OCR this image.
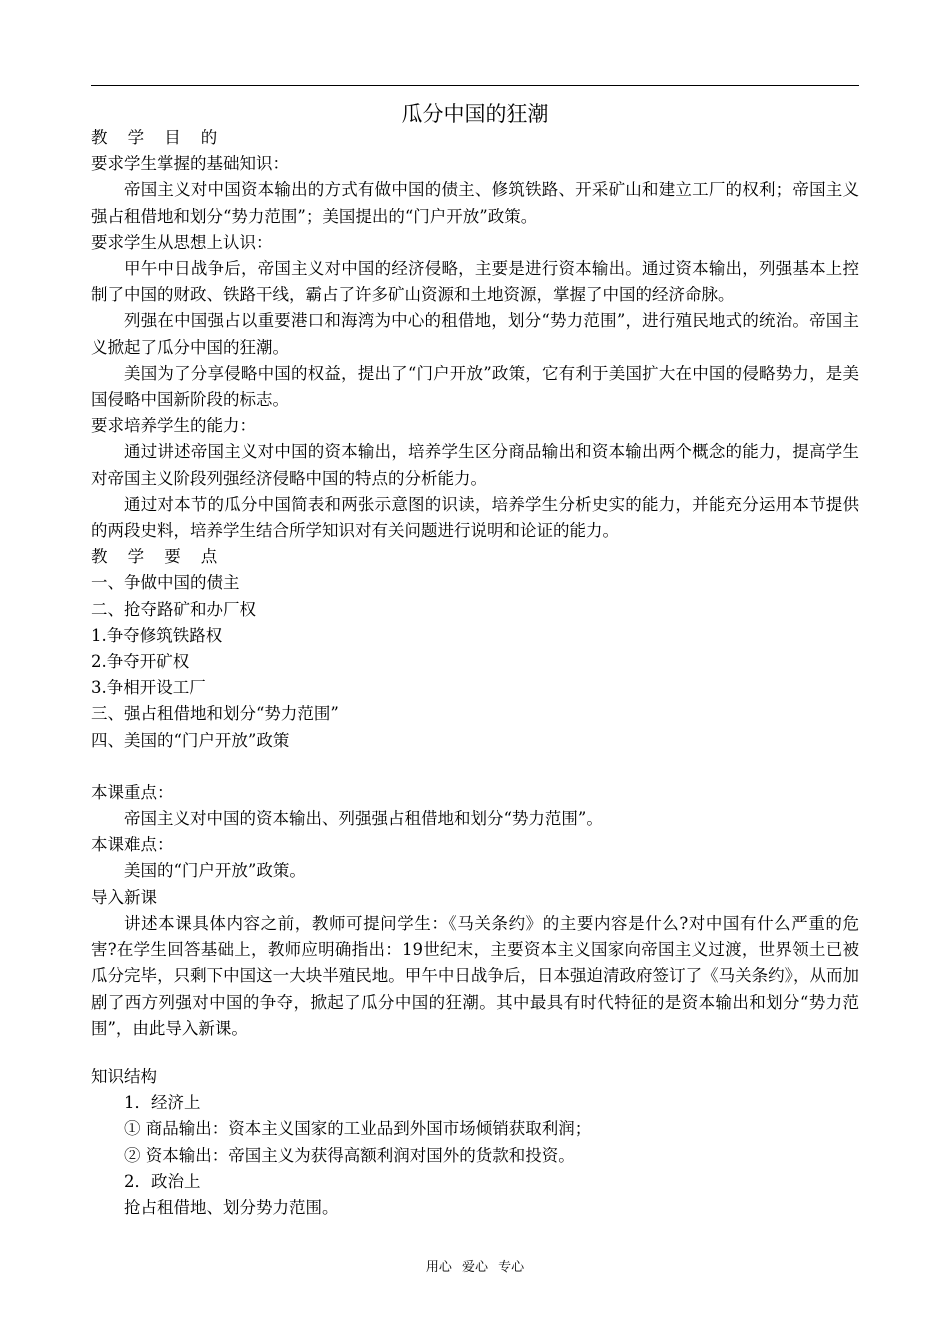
瓜分中国的狂潮

教 学 目 的

要求学生掌握的基础知识：

帝国主义对中国资本输出的方式有做中国的债主、修筑铁路、开采矿山和建立工厂的权利；帝国主义强占租借地和划分“势力范围”；美国提出的“门户开放”政策。

要求学生从思想上认识：

甲午中日战争后，帝国主义对中国的经济侵略，主要是进行资本输出。通过资本输出，列强基本上控制了中国的财政、铁路干线，霸占了许多矿山资源和土地资源，掌握了中国的经济命脉。

列强在中国强占以重要港口和海湾为中心的租借地，划分“势力范围”，进行殖民地式的统治。帝国主义掀起了瓜分中国的狂潮。

美国为了分享侵略中国的权益，提出了“门户开放”政策，它有利于美国扩大在中国的侵略势力，是美国侵略中国新阶段的标志。

要求培养学生的能力：

通过讲述帝国主义对中国的资本输出，培养学生区分商品输出和资本输出两个概念的能力，提高学生对帝国主义阶段列强经济侵略中国的特点的分析能力。

通过对本节的瓜分中国简表和两张示意图的识读，培养学生分析史实的能力，并能充分运用本节提供的两段史料，培养学生结合所学知识对有关问题进行说明和论证的能力。

教 学 要 点

一、争做中国的债主

二、抢夺路矿和办厂权

1.争夺修筑铁路权

2.争夺开矿权

3.争相开设工厂

三、强占租借地和划分“势力范围”

四、美国的“门户开放”政策

本课重点：

帝国主义对中国的资本输出、列强强占租借地和划分“势力范围”。

本课难点：

美国的“门户开放”政策。

导入新课

讲述本课具体内容之前，教师可提问学生：《马关条约》的主要内容是什么?对中国有什么严重的危害?在学生回答基础上，教师应明确指出：19世纪末，主要资本主义国家向帝国主义过渡，世界领土已被瓜分完毕，只剩下中国这一大块半殖民地。甲午中日战争后，日本强迫清政府签订了《马关条约》，从而加剧了西方列强对中国的争夺，掀起了瓜分中国的狂潮。其中最具有时代特征的是资本输出和划分“势力范围”，由此导入新课。

知识结构

1．经济上

① 商品输出：资本主义国家的工业品到外国市场倾销获取利润；

② 资本输出：帝国主义为获得高额利润对国外的货款和投资。

2．政治上

抢占租借地、划分势力范围。

用心 爱心 专心
